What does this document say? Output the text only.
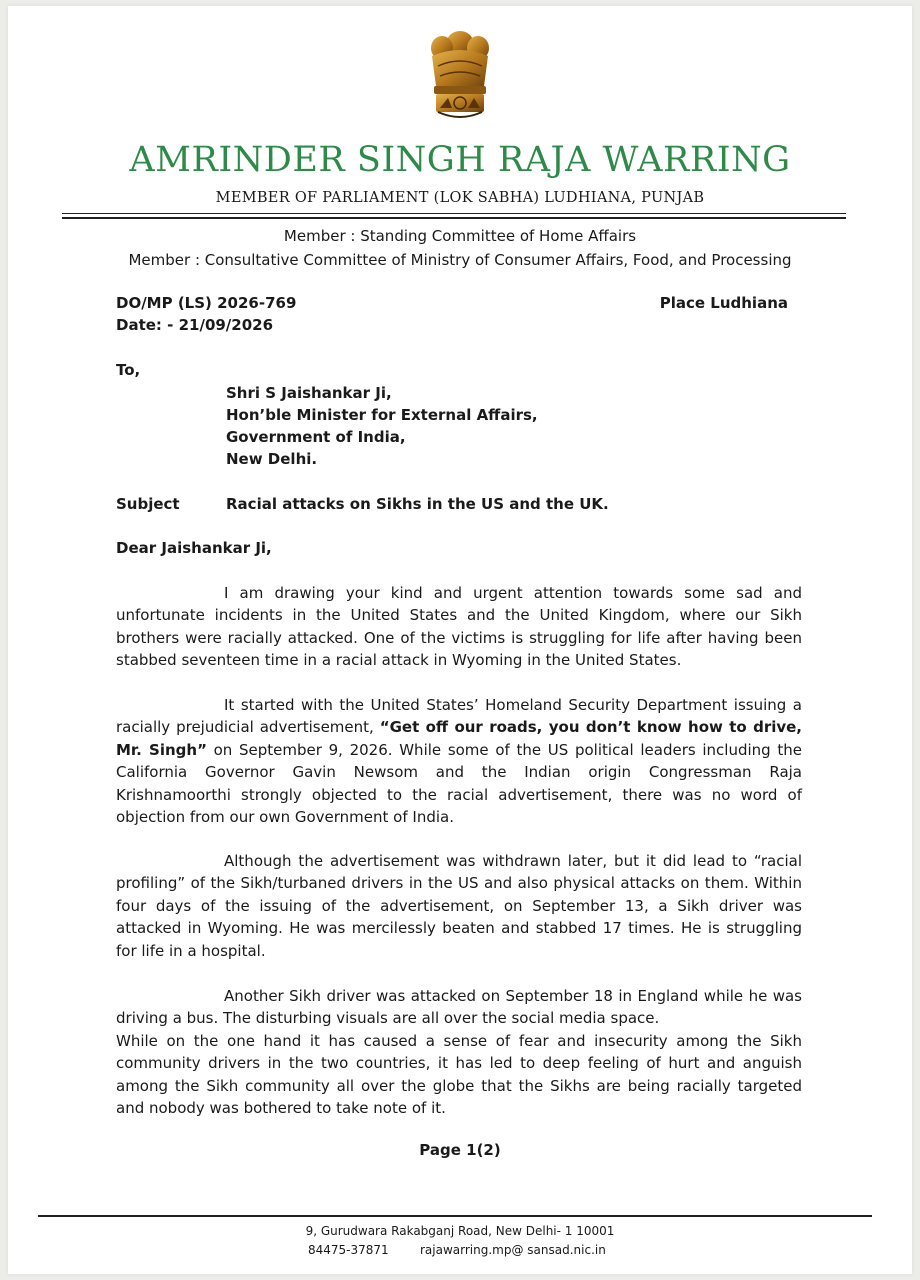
AMRINDER SINGH RAJA WARRING
MEMBER OF PARLIAMENT (LOK SABHA) LUDHIANA, PUNJAB
Member : Standing Committee of Home Affairs
Member : Consultative Committee of Ministry of Consumer Affairs, Food, and Processing
DO/MP (LS) 2026-769
Date: - 21/09/2026
Place Ludhiana
To,
Shri S Jaishankar Ji,
Hon’ble Minister for External Affairs,
Government of India,
New Delhi.
Subject	Racial attacks on Sikhs in the US and the UK.
Dear Jaishankar Ji,

I am drawing your kind and urgent attention towards some sad and unfortunate incidents in the United States and the United Kingdom, where our Sikh brothers were racially attacked. One of the victims is struggling for life after having been stabbed seventeen time in a racial attack in Wyoming in the United States.

It started with the United States’ Homeland Security Department issuing a racially prejudicial advertisement, “Get off our roads, you don’t know how to drive, Mr. Singh” on September 9, 2026. While some of the US political leaders including the California Governor Gavin Newsom and the Indian origin Congressman Raja Krishnamoorthi strongly objected to the racial advertisement, there was no word of objection from our own Government of India.

Although the advertisement was withdrawn later, but it did lead to “racial profiling” of the Sikh/turbaned drivers in the US and also physical attacks on them. Within four days of the issuing of the advertisement, on September 13, a Sikh driver was attacked in Wyoming. He was mercilessly beaten and stabbed 17 times. He is struggling for life in a hospital.

Another Sikh driver was attacked on September 18 in England while he was driving a bus. The disturbing visuals are all over the social media space.
While on the one hand it has caused a sense of fear and insecurity among the Sikh community drivers in the two countries, it has led to deep feeling of hurt and anguish among the Sikh community all over the globe that the Sikhs are being racially targeted and nobody was bothered to take note of it.

Page 1(2)
9, Gurudwara Rakabganj Road, New Delhi- 1 10001
84475-37871	rajawarring.mp@ sansad.nic.in
